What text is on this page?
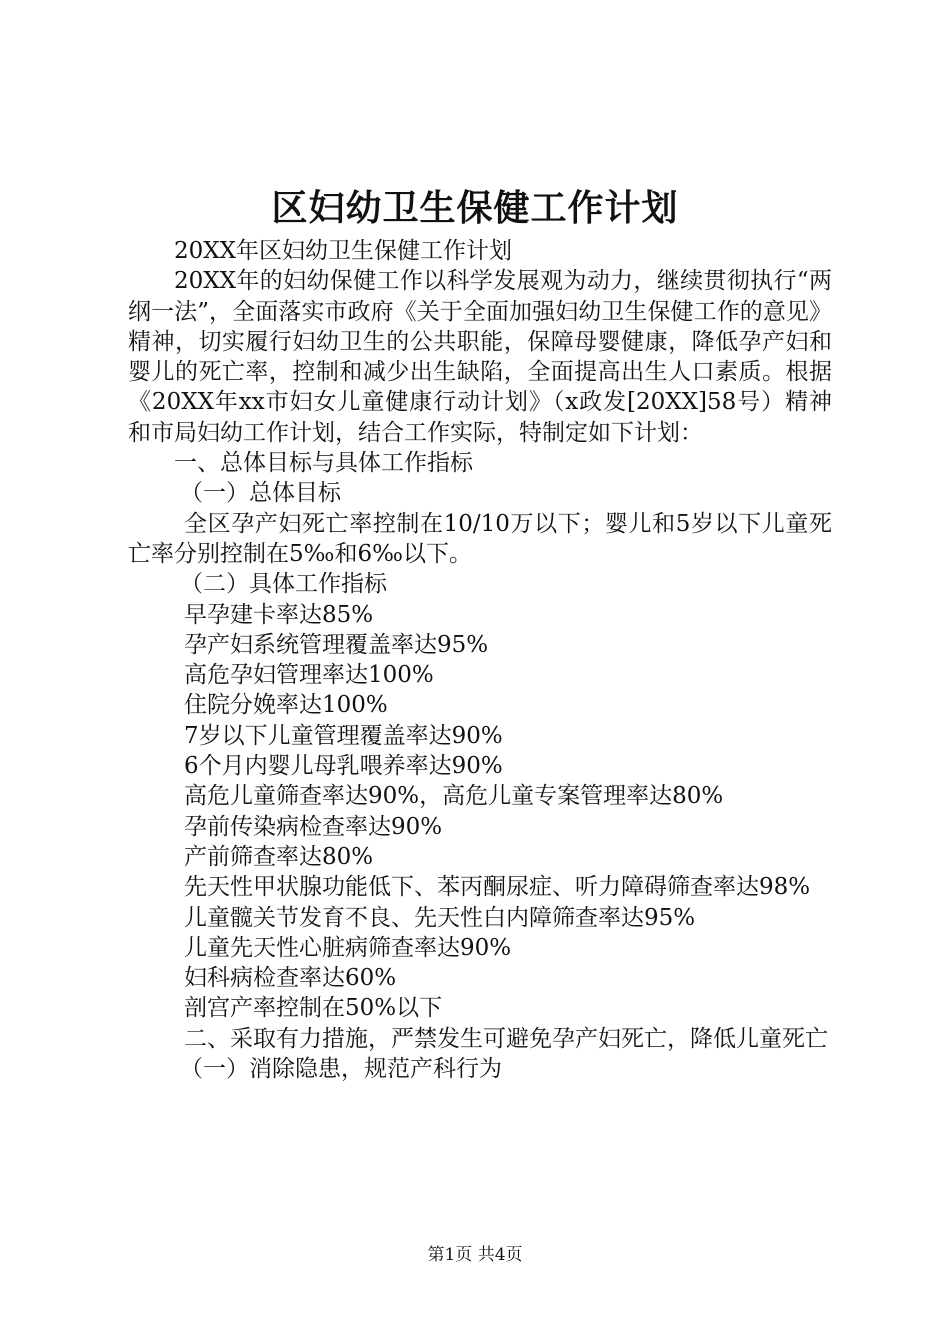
区妇幼卫生保健工作计划

20XX年区妇幼卫生保健工作计划

20XX年的妇幼保健工作以科学发展观为动力，继续贯彻执行“两纲一法”，全面落实市政府《关于全面加强妇幼卫生保健工作的意见》精神，切实履行妇幼卫生的公共职能，保障母婴健康，降低孕产妇和婴儿的死亡率，控制和减少出生缺陷，全面提高出生人口素质。根据《20XX年xx市妇女儿童健康行动计划》（x政发[20XX]58号）精神和市局妇幼工作计划，结合工作实际，特制定如下计划：

一、总体目标与具体工作指标

（一）总体目标

全区孕产妇死亡率控制在10/10万以下；婴儿和5岁以下儿童死亡率分别控制在5‰和6‰以下。

（二）具体工作指标

早孕建卡率达85%

孕产妇系统管理覆盖率达95%

高危孕妇管理率达100%

住院分娩率达100%

7岁以下儿童管理覆盖率达90%

6个月内婴儿母乳喂养率达90%

高危儿童筛查率达90%，高危儿童专案管理率达80%

孕前传染病检查率达90%

产前筛查率达80%

先天性甲状腺功能低下、苯丙酮尿症、听力障碍筛查率达98%

儿童髋关节发育不良、先天性白内障筛查率达95%

儿童先天性心脏病筛查率达90%

妇科病检查率达60%

剖宫产率控制在50%以下

二、采取有力措施，严禁发生可避免孕产妇死亡，降低儿童死亡

（一）消除隐患，规范产科行为

第1页 共4页
